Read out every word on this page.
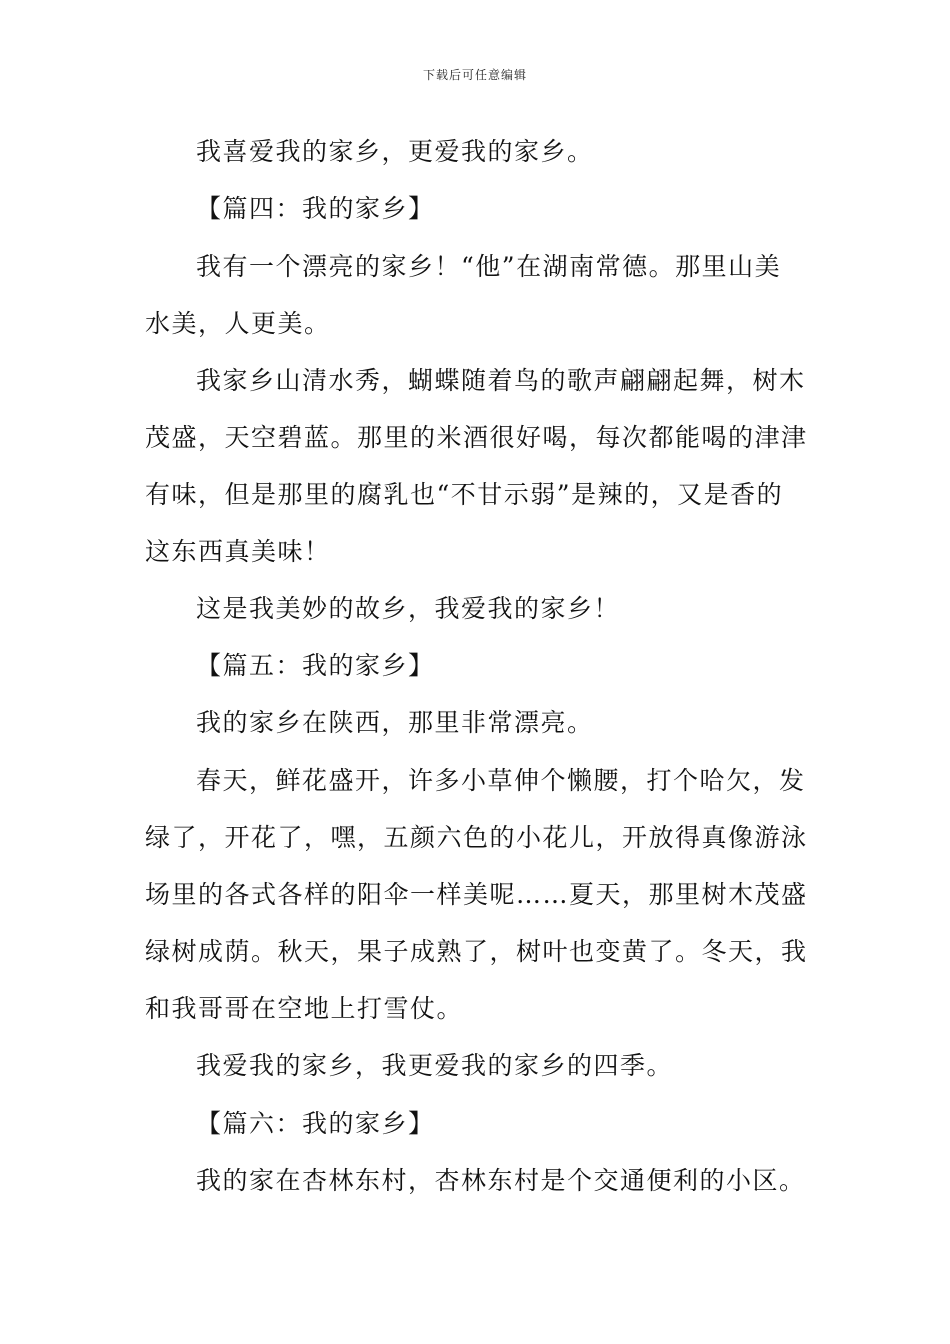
下载后可任意编辑
我喜爱我的家乡，更爱我的家乡。
【篇四：我的家乡】
我有一个漂亮的家乡！“他”在湖南常德。那里山美
水美，人更美。
我家乡山清水秀，蝴蝶随着鸟的歌声翩翩起舞，树木
茂盛，天空碧蓝。那里的米酒很好喝，每次都能喝的津津
有味，但是那里的腐乳也“不甘示弱”是辣的，又是香的
这东西真美味！
这是我美妙的故乡，我爱我的家乡！
【篇五：我的家乡】
我的家乡在陕西，那里非常漂亮。
春天，鲜花盛开，许多小草伸个懒腰，打个哈欠，发
绿了，开花了，嘿，五颜六色的小花儿，开放得真像游泳
场里的各式各样的阳伞一样美呢……夏天，那里树木茂盛
绿树成荫。秋天，果子成熟了，树叶也变黄了。冬天，我
和我哥哥在空地上打雪仗。
我爱我的家乡，我更爱我的家乡的四季。
【篇六：我的家乡】
我的家在杏林东村，杏林东村是个交通便利的小区。
